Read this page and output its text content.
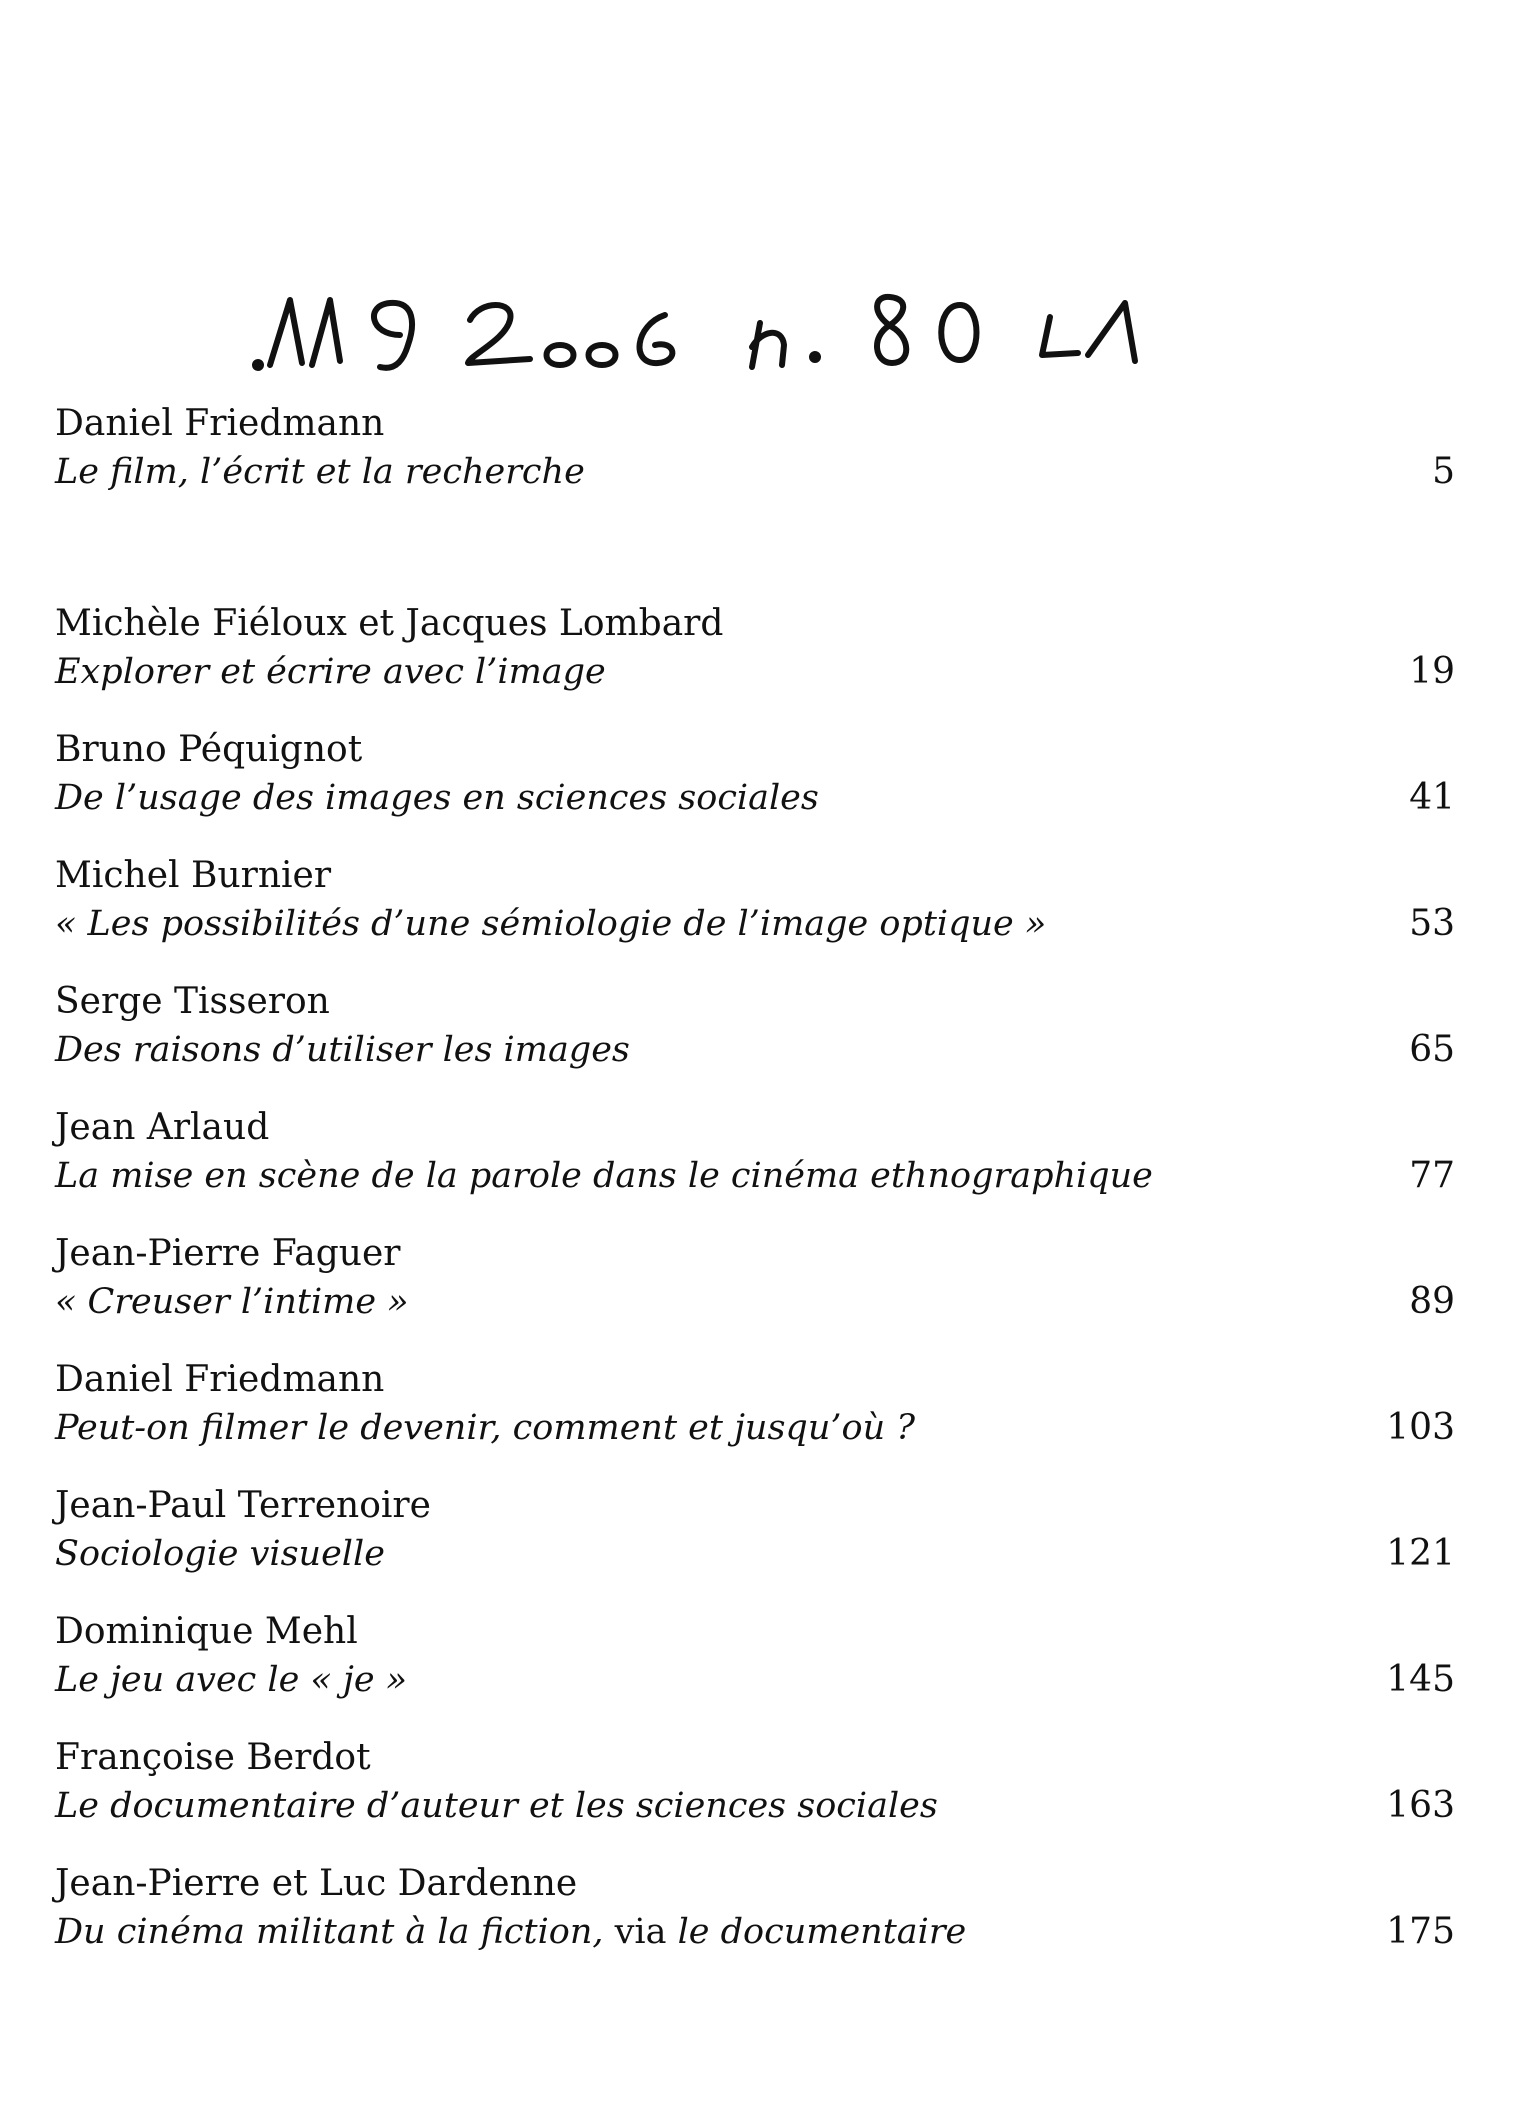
Daniel Friedmann
Le film, l’écrit et la recherche	5
Michèle Fiéloux et Jacques Lombard
Explorer et écrire avec l’image	19
Bruno Péquignot
De l’usage des images en sciences sociales	41
Michel Burnier
« Les possibilités d’une sémiologie de l’image optique »	53
Serge Tisseron
Des raisons d’utiliser les images	65
Jean Arlaud
La mise en scène de la parole dans le cinéma ethnographique	77
Jean-Pierre Faguer
« Creuser l’intime »	89
Daniel Friedmann
Peut-on filmer le devenir, comment et jusqu’où ?	103
Jean-Paul Terrenoire
Sociologie visuelle	121
Dominique Mehl
Le jeu avec le « je »	145
Françoise Berdot
Le documentaire d’auteur et les sciences sociales	163
Jean-Pierre et Luc Dardenne
Du cinéma militant à la fiction, via le documentaire	175
